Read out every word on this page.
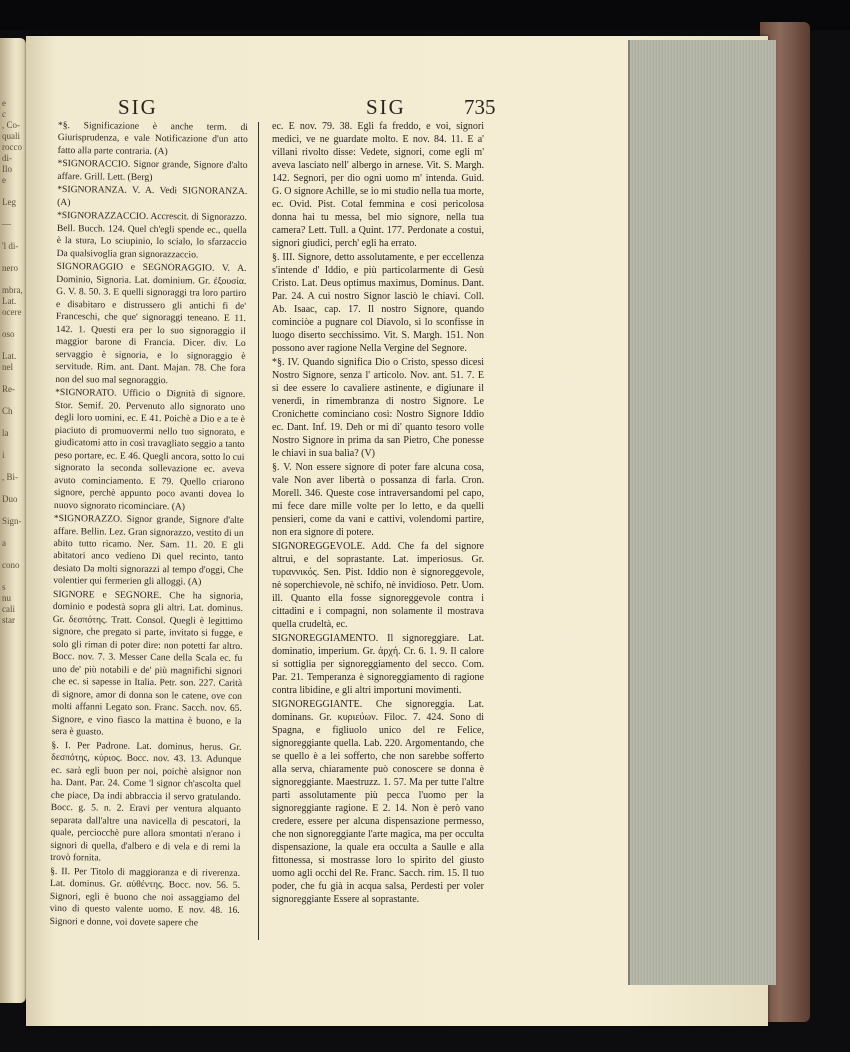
e
c
, Co-
quali
rocco
di-
Ilo
e

Leg

—

'l di-

nero

mbra,
Lat.
ocere

oso

Lat.
nel

Re-

Ch

la

i

, Bi-

Duo

Sign-

a

cono

s
nu
cali
star
SIG	SIG	735

*§. Significazione è anche term. di Giurisprudenza, e vale Notificazione d'un atto fatto alla parte contraria. (A)

*SIGNORACCIO. Signor grande, Signore d'alto affare. Grill. Lett. (Berg)

*SIGNORANZA. V. A. Vedi SIGNORANZA. (A)

*SIGNORAZZACCIO. Accrescit. di Signorazzo. Bell. Bucch. 124. Quel ch'egli spende ec., quella è la stura, Lo sciupinio, lo scialo, lo sfarzaccio Da qualsivoglia gran signorazzaccio.

SIGNORAGGIO e SEGNORAGGIO. V. A. Dominio, Signoria. Lat. dominium. Gr. ἐξουσία. G. V. 8. 50. 3. E quelli signoraggi tra loro partiro e disabitaro e distrussero gli antichi fi de' Franceschi, che que' signoraggi teneano. E 11. 142. 1. Questi era per lo suo signoraggio il maggior barone di Francia. Dicer. div. Lo servaggio è signoria, e lo signoraggio è servitude. Rim. ant. Dant. Majan. 78. Che fora non del suo mal segnoraggio.

*SIGNORATO. Ufficio o Dignità di signore. Stor. Semif. 20. Pervenuto allo signorato uno degli loro uomini, ec. E 41. Poichè a Dio e a te è piaciuto di promuovermi nello tuo signorato, e giudicatomi atto in così travagliato seggio a tanto peso portare, ec. E 46. Quegli ancora, sotto lo cui signorato la seconda sollevazione ec. aveva avuto cominciamento. E 79. Quello criarono signore, perchè appunto poco avanti dovea lo nuovo signorato ricominciare. (A)

*SIGNORAZZO. Signor grande, Signore d'alte affare. Bellin. Lez. Gran signorazzo, vestito di un abito tutto ricamo. Ner. Sam. 11. 20. E gli abitatori anco vedieno Di quel recinto, tanto desiato Da molti signorazzi al tempo d'oggi, Che volentier qui fermerien gli alloggi. (A)

SIGNORE e SEGNORE. Che ha signoria, dominio e podestà sopra gli altri. Lat. dominus. Gr. δεσπότης. Tratt. Consol. Quegli è legittimo signore, che pregato si parte, invitato si fugge, e solo gli riman di poter dire: non potetti far altro. Bocc. nov. 7. 3. Messer Cane della Scala ec. fu uno de' più notabili e de' più magnifichi signori che ec. si sapesse in Italia. Petr. son. 227. Carità di signore, amor di donna son le catene, ove con molti affanni Legato son. Franc. Sacch. nov. 65. Signore, e vino fiasco la mattina è buono, e la sera è guasto.

§. I. Per Padrone. Lat. dominus, herus. Gr. δεσπότης, κύριος. Bocc. nov. 43. 13. Adunque ec. sarà egli buon per noi, poichè alsignor non ha. Dant. Par. 24. Come 'l signor ch'ascolta quel che piace, Da indi abbraccia il servo gratulando. Bocc. g. 5. n. 2. Eravi per ventura alquanto separata dall'altre una navicella di pescatori, la quale, perciocchè pure allora smontati n'erano i signori di quella, d'albero e di vela e di remi la trovò fornita.

§. II. Per Titolo di maggioranza e di riverenza. Lat. dominus. Gr. αὐθέντης. Bocc. nov. 56. 5. Signori, egli è buono che noi assaggiamo del vino di questo valente uomo. E nov. 48. 16. Signori e donne, voi dovete sapere che

ec. E nov. 79. 38. Egli fa freddo, e voi, signori medici, ve ne guardate molto. E nov. 84. 11. E a' villani rivolto disse: Vedete, signori, come egli m' aveva lasciato nell' albergo in arnese. Vit. S. Margh. 142. Segnori, per dio ogni uomo m' intenda. Guid. G. O signore Achille, se io mi studio nella tua morte, ec. Ovid. Pist. Cotal femmina e così pericolosa donna hai tu messa, bel mio signore, nella tua camera? Lett. Tull. a Quint. 177. Perdonate a costui, signori giudici, perch' egli ha errato.

§. III. Signore, detto assolutamente, e per eccellenza s'intende d' Iddio, e più particolarmente di Gesù Cristo. Lat. Deus optimus maximus, Dominus. Dant. Par. 24. A cui nostro Signor lasciò le chiavi. Coll. Ab. Isaac, cap. 17. Il nostro Signore, quando cominciòe a pugnare col Diavolo, sì lo sconfisse in luogo diserto secchissimo. Vit. S. Margh. 151. Non possono aver ragione Nella Vergine del Segnore.

*§. IV. Quando significa Dio o Cristo, spesso dicesi Nostro Signore, senza l' articolo. Nov. ant. 51. 7. E si dee essere lo cavaliere astinente, e digiunare il venerdì, in rimembranza di nostro Signore. Le Cronichette cominciano così: Nostro Signore Iddio ec. Dant. Inf. 19. Deh or mi di' quanto tesoro volle Nostro Signore in prima da san Pietro, Che ponesse le chiavi in sua balìa? (V)

§. V. Non essere signore di poter fare alcuna cosa, vale Non aver libertà o possanza di farla. Cron. Morell. 346. Queste cose intraversandomi pel capo, mi fece dare mille volte per lo letto, e da quelli pensieri, come da vani e cattivi, volendomi partire, non era signore di potere.

SIGNOREGGEVOLE. Add. Che fa del signore altrui, e del soprastante. Lat. imperiosus. Gr. τυραννικός. Sen. Pist. Iddio non è signoreggevole, nè soperchievole, nè schifo, nè invidioso. Petr. Uom. ill. Quanto ella fosse signoreggevole contra i cittadini e i compagni, non solamente il mostrava quella crudeltà, ec.

SIGNOREGGIAMENTO. Il signoreggiare. Lat. dominatio, imperium. Gr. ἀρχή. Cr. 6. 1. 9. Il calore si sottiglia per signoreggiamento del secco. Com. Par. 21. Temperanza è signoreggiamento di ragione contra libidine, e gli altri importuni movimenti.

SIGNOREGGIANTE. Che signoreggia. Lat. dominans. Gr. κυριεύων. Filoc. 7. 424. Sono di Spagna, e figliuolo unico del re Felice, signoreggiante quella. Lab. 220. Argomentando, che se quello è a lei sofferto, che non sarebbe sofferto alla serva, chiaramente può conoscere se donna è signoreggiante. Maestruzz. 1. 57. Ma per tutte l'altre parti assolutamente più pecca l'uomo per la signoreggiante ragione. E 2. 14. Non è però vano credere, essere per alcuna dispensazione permesso, che non signoreggiante l'arte magica, ma per occulta dispensazione, la quale era occulta a Saulle e alla fittonessa, si mostrasse loro lo spirito del giusto uomo agli occhi del Re. Franc. Sacch. rim. 15. Il tuo poder, che fu già in acqua salsa, Perdesti per voler signoreggiante Essere al soprastante.
